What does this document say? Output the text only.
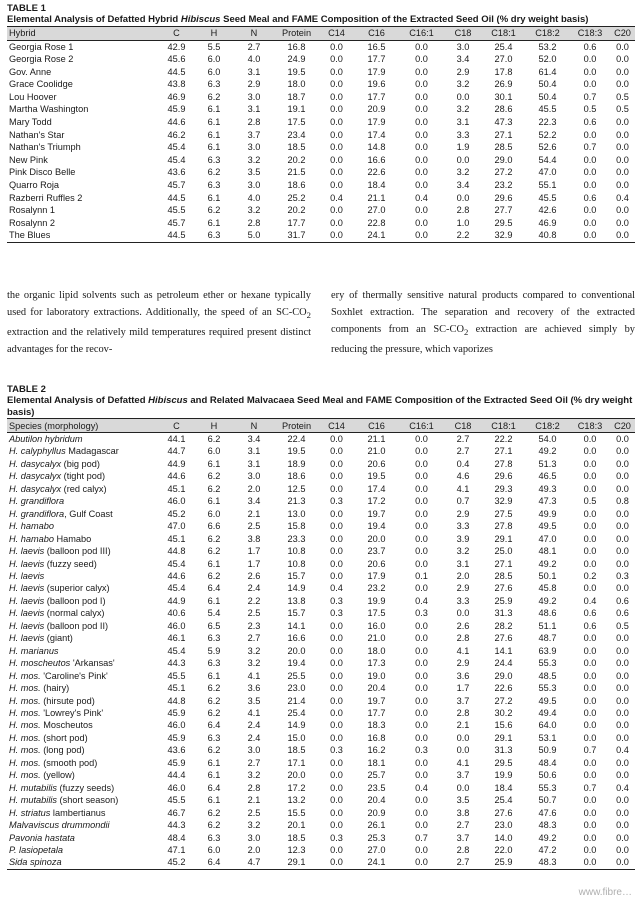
TABLE 1
Elemental Analysis of Defatted Hybrid Hibiscus Seed Meal and FAME Composition of the Extracted Seed Oil (% dry weight basis)
Hybrid	C	H	N	Protein	C14	C16	C16:1	C18	C18:1	C18:2	C18:3	C20
Georgia Rose 1	42.9	5.5	2.7	16.8	0.0	16.5	0.0	3.0	25.4	53.2	0.6	0.0
Georgia Rose 2	45.6	6.0	4.0	24.9	0.0	17.7	0.0	3.4	27.0	52.0	0.0	0.0
Gov. Anne	44.5	6.0	3.1	19.5	0.0	17.9	0.0	2.9	17.8	61.4	0.0	0.0
Grace Coolidge	43.8	6.3	2.9	18.0	0.0	19.6	0.0	3.2	26.9	50.4	0.0	0.0
Lou Hoover	46.9	6.2	3.0	18.7	0.0	17.7	0.0	0.0	30.1	50.4	0.7	0.5
Martha Washington	45.9	6.1	3.1	19.1	0.0	20.9	0.0	3.2	28.6	45.5	0.5	0.5
Mary Todd	44.6	6.1	2.8	17.5	0.0	17.9	0.0	3.1	47.3	22.3	0.6	0.0
Nathan's Star	46.2	6.1	3.7	23.4	0.0	17.4	0.0	3.3	27.1	52.2	0.0	0.0
Nathan's Triumph	45.4	6.1	3.0	18.5	0.0	14.8	0.0	1.9	28.5	52.6	0.7	0.0
New Pink	45.4	6.3	3.2	20.2	0.0	16.6	0.0	0.0	29.0	54.4	0.0	0.0
Pink Disco Belle	43.6	6.2	3.5	21.5	0.0	22.6	0.0	3.2	27.2	47.0	0.0	0.0
Quarro Roja	45.7	6.3	3.0	18.6	0.0	18.4	0.0	3.4	23.2	55.1	0.0	0.0
Razberri Ruffles 2	44.5	6.1	4.0	25.2	0.4	21.1	0.4	0.0	29.6	45.5	0.6	0.4
Rosalynn 1	45.5	6.2	3.2	20.2	0.0	27.0	0.0	2.8	27.7	42.6	0.0	0.0
Rosalynn 2	45.7	6.1	2.8	17.7	0.0	22.8	0.0	1.0	29.5	46.9	0.0	0.0
The Blues	44.5	6.3	5.0	31.7	0.0	24.1	0.0	2.2	32.9	40.8	0.0	0.0

the organic lipid solvents such as petroleum ether or hexane typically used for laboratory extractions. Additionally, the speed of an $SC-CO_2$ extraction and the relatively mild temperatures required present distinct advantages for the recov-

ery of thermally sensitive natural products compared to conventional Soxhlet extraction. The separation and recovery of the extracted components from an $SC-CO_2$ extraction are achieved simply by reducing the pressure, which vaporizes

TABLE 2
Elemental Analysis of Defatted Hibiscus and Related Malvacaea Seed Meal and FAME Composition of the Extracted Seed Oil (% dry weight basis)
Species (morphology)	C	H	N	Protein	C14	C16	C16:1	C18	C18:1	C18:2	C18:3	C20
Abutilon hybridum	44.1	6.2	3.4	22.4	0.0	21.1	0.0	2.7	22.2	54.0	0.0	0.0
H. calyphyllus Madagascar	44.7	6.0	3.1	19.5	0.0	21.0	0.0	2.7	27.1	49.2	0.0	0.0
H. dasycalyx (big pod)	44.9	6.1	3.1	18.9	0.0	20.6	0.0	0.4	27.8	51.3	0.0	0.0
H. dasycalyx (tight pod)	44.6	6.2	3.0	18.6	0.0	19.5	0.0	4.6	29.6	46.5	0.0	0.0
H. dasycalyx (red calyx)	45.1	6.2	2.0	12.5	0.0	17.4	0.0	4.1	29.3	49.3	0.0	0.0
H. grandiflora	46.0	6.1	3.4	21.3	0.3	17.2	0.0	0.7	32.9	47.3	0.5	0.8
H. grandiflora, Gulf Coast	45.2	6.0	2.1	13.0	0.0	19.7	0.0	2.9	27.5	49.9	0.0	0.0
H. hamabo	47.0	6.6	2.5	15.8	0.0	19.4	0.0	3.3	27.8	49.5	0.0	0.0
H. hamabo Hamabo	45.1	6.2	3.8	23.3	0.0	20.0	0.0	3.9	29.1	47.0	0.0	0.0
H. laevis (balloon pod III)	44.8	6.2	1.7	10.8	0.0	23.7	0.0	3.2	25.0	48.1	0.0	0.0
H. laevis (fuzzy seed)	45.4	6.1	1.7	10.8	0.0	20.6	0.0	3.1	27.1	49.2	0.0	0.0
H. laevis	44.6	6.2	2.6	15.7	0.0	17.9	0.1	2.0	28.5	50.1	0.2	0.3
H. laevis (superior calyx)	45.4	6.4	2.4	14.9	0.4	23.2	0.0	2.9	27.6	45.8	0.0	0.0
H. laevis (balloon pod I)	44.9	6.1	2.2	13.8	0.3	19.9	0.4	3.3	25.9	49.2	0.4	0.6
H. laevis (normal calyx)	40.6	5.4	2.5	15.7	0.3	17.5	0.3	0.0	31.3	48.6	0.6	0.6
H. laevis (balloon pod II)	46.0	6.5	2.3	14.1	0.0	16.0	0.0	2.6	28.2	51.1	0.6	0.5
H. laevis (giant)	46.1	6.3	2.7	16.6	0.0	21.0	0.0	2.8	27.6	48.7	0.0	0.0
H. marianus	45.4	5.9	3.2	20.0	0.0	18.0	0.0	4.1	14.1	63.9	0.0	0.0
H. moscheutos 'Arkansas'	44.3	6.3	3.2	19.4	0.0	17.3	0.0	2.9	24.4	55.3	0.0	0.0
H. mos. 'Caroline's Pink'	45.5	6.1	4.1	25.5	0.0	19.0	0.0	3.6	29.0	48.5	0.0	0.0
H. mos. (hairy)	45.1	6.2	3.6	23.0	0.0	20.4	0.0	1.7	22.6	55.3	0.0	0.0
H. mos. (hirsute pod)	44.8	6.2	3.5	21.4	0.0	19.7	0.0	3.7	27.2	49.5	0.0	0.0
H. mos. 'Lowrey's Pink'	45.9	6.2	4.1	25.4	0.0	17.7	0.0	2.8	30.2	49.4	0.0	0.0
H. mos. Moscheutos	46.0	6.4	2.4	14.9	0.0	18.3	0.0	2.1	15.6	64.0	0.0	0.0
H. mos. (short pod)	45.9	6.3	2.4	15.0	0.0	16.8	0.0	0.0	29.1	53.1	0.0	0.0
H. mos. (long pod)	43.6	6.2	3.0	18.5	0.3	16.2	0.3	0.0	31.3	50.9	0.7	0.4
H. mos. (smooth pod)	45.9	6.1	2.7	17.1	0.0	18.1	0.0	4.1	29.5	48.4	0.0	0.0
H. mos. (yellow)	44.4	6.1	3.2	20.0	0.0	25.7	0.0	3.7	19.9	50.6	0.0	0.0
H. mutabilis (fuzzy seeds)	46.0	6.4	2.8	17.2	0.0	23.5	0.4	0.0	18.4	55.3	0.7	0.4
H. mutabilis (short season)	45.5	6.1	2.1	13.2	0.0	20.4	0.0	3.5	25.4	50.7	0.0	0.0
H. striatus lambertianus	46.7	6.2	2.5	15.5	0.0	20.9	0.0	3.8	27.6	47.6	0.0	0.0
Malvaviscus drummondii	44.3	6.2	3.2	20.1	0.0	26.1	0.0	2.7	23.0	48.3	0.0	0.0
Pavonia hastata	48.4	6.3	3.0	18.5	0.3	25.3	0.7	3.7	14.0	49.2	0.0	0.0
P. lasiopetala	47.1	6.0	2.0	12.3	0.0	27.0	0.0	2.8	22.0	47.2	0.0	0.0
Sida spinoza	45.2	6.4	4.7	29.1	0.0	24.1	0.0	2.7	25.9	48.3	0.0	0.0
www.fibre…
